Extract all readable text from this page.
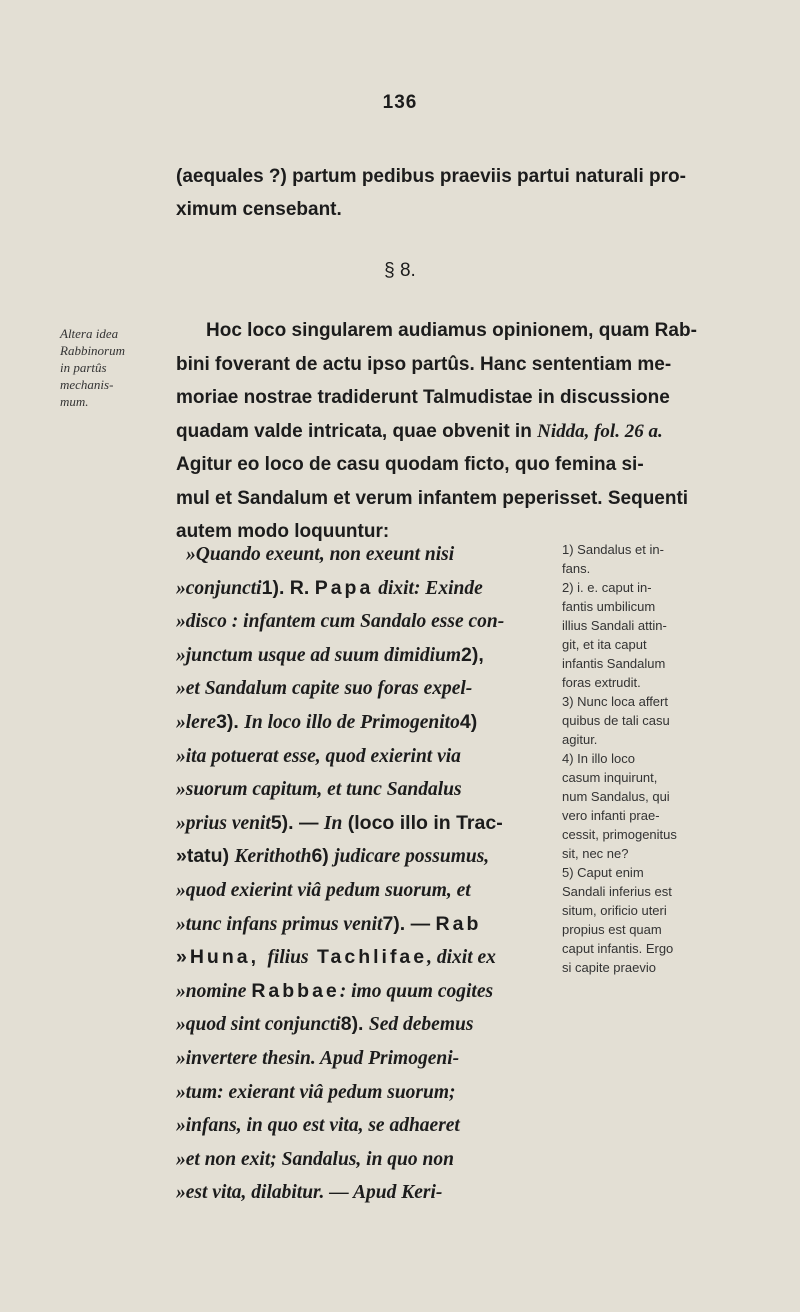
136
(aequales ?) partum pedibus praeviis partui naturali pro-
ximum censebant.
§ 8.
Altera idea
Rabbinorum
in partûs
mechanis-
mum.
Hoc loco singularem audiamus opinionem, quam Rab-
bini foverant de actu ipso partûs. Hanc sententiam me-
moriae nostrae tradiderunt Talmudistae in discussione
quadam valde intricata, quae obvenit in Nidda, fol. 26 a.
Agitur eo loco de casu quodam ficto, quo femina si-
mul et Sandalum et verum infantem peperisset. Sequenti
autem modo loquuntur:
»Quando exeunt, non exeunt nisi
»conjuncti1). R. Papa dixit: Exinde
»disco : infantem cum Sandalo esse con-
»junctum usque ad suum dimidium2),
»et Sandalum capite suo foras expel-
»lere3). In loco illo de Primogenito4)
»ita potuerat esse, quod exierint via
»suorum capitum, et tunc Sandalus
»prius venit5). — In (loco illo in Trac-
»tatu) Kerithoth6) judicare possumus,
»quod exierint viâ pedum suorum, et
»tunc infans primus venit7). — Rab
»Huna, filius Tachlifae, dixit ex
»nomine Rabbae: imo quum cogites
»quod sint conjuncti8). Sed debemus
»invertere thesin. Apud Primogeni-
»tum: exierant viâ pedum suorum;
»infans, in quo est vita, se adhaeret
»et non exit; Sandalus, in quo non
»est vita, dilabitur. — Apud Keri-
1) Sandalus et in-
fans.
2) i. e. caput in-
fantis umbilicum
illius Sandali attin-
git, et ita caput
infantis Sandalum
foras extrudit.
3) Nunc loca affert
quibus de tali casu
agitur.
4) In illo loco
casum inquirunt,
num Sandalus, qui
vero infanti prae-
cessit, primogenitus
sit, nec ne?
5) Caput enim
Sandali inferius est
situm, orificio uteri
propius est quam
caput infantis. Ergo
si capite praevio
